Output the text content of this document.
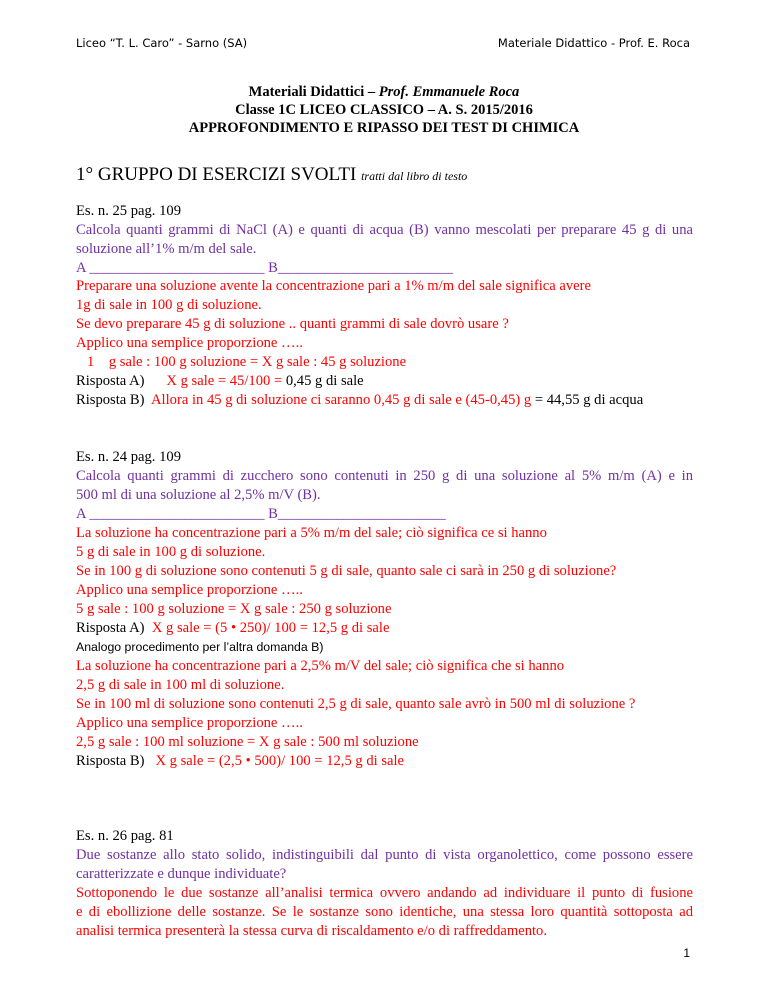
Liceo “T. L. Caro” - Sarno (SA)	Materiale Didattico - Prof. E. Roca
Materiali Didattici – Prof. Emmanuele Roca
Classe 1C LICEO CLASSICO – A. S. 2015/2016
APPROFONDIMENTO E RIPASSO DEI TEST DI CHIMICA
1° GRUPPO DI ESERCIZI SVOLTI tratti dal libro di testo
Es. n. 25 pag. 109
Calcola quanti grammi di NaCl (A) e quanti di acqua (B) vanno mescolati per preparare 45 g di una
soluzione all’1% m/m del sale.
A ________________________ B________________________
Preparare una soluzione avente la concentrazione pari a 1% m/m del sale significa avere
1g di sale in 100 g di soluzione.
Se devo preparare 45 g di soluzione .. quanti grammi di sale dovrò usare ?
Applico una semplice proporzione …..
1    g sale : 100 g soluzione = X g sale : 45 g soluzione
Risposta A)      X g sale = 45/100 = 0,45 g di sale
Risposta B)  Allora in 45 g di soluzione ci saranno 0,45 g di sale e (45-0,45) g = 44,55 g di acqua
Es. n. 24 pag. 109
Calcola quanti grammi di zucchero sono contenuti in 250 g di una soluzione al 5% m/m (A) e in
500 ml di una soluzione al 2,5% m/V (B).
A ________________________ B_______________________
La soluzione ha concentrazione pari a 5% m/m del sale; ciò significa ce si hanno
5 g di sale in 100 g di soluzione.
Se in 100 g di soluzione sono contenuti 5 g di sale, quanto sale ci sarà in 250 g di soluzione?
Applico una semplice proporzione …..
5 g sale : 100 g soluzione = X g sale : 250 g soluzione
Risposta A)  X g sale = (5 • 250)/ 100 = 12,5 g di sale
Analogo procedimento per l’altra domanda B)
La soluzione ha concentrazione pari a 2,5% m/V del sale; ciò significa che si hanno
2,5 g di sale in 100 ml di soluzione.
Se in 100 ml di soluzione sono contenuti 2,5 g di sale, quanto sale avrò in 500 ml di soluzione ?
Applico una semplice proporzione …..
2,5 g sale : 100 ml soluzione = X g sale : 500 ml soluzione
Risposta B)   X g sale = (2,5 • 500)/ 100 = 12,5 g di sale
Es. n. 26 pag. 81
Due sostanze allo stato solido, indistinguibili dal punto di vista organolettico, come possono essere
caratterizzate e dunque individuate?
Sottoponendo le due sostanze all’analisi termica ovvero andando ad individuare il punto di fusione
e di ebollizione delle sostanze. Se le sostanze sono identiche, una stessa loro quantità sottoposta ad
analisi termica presenterà la stessa curva di riscaldamento e/o di raffreddamento.
1
